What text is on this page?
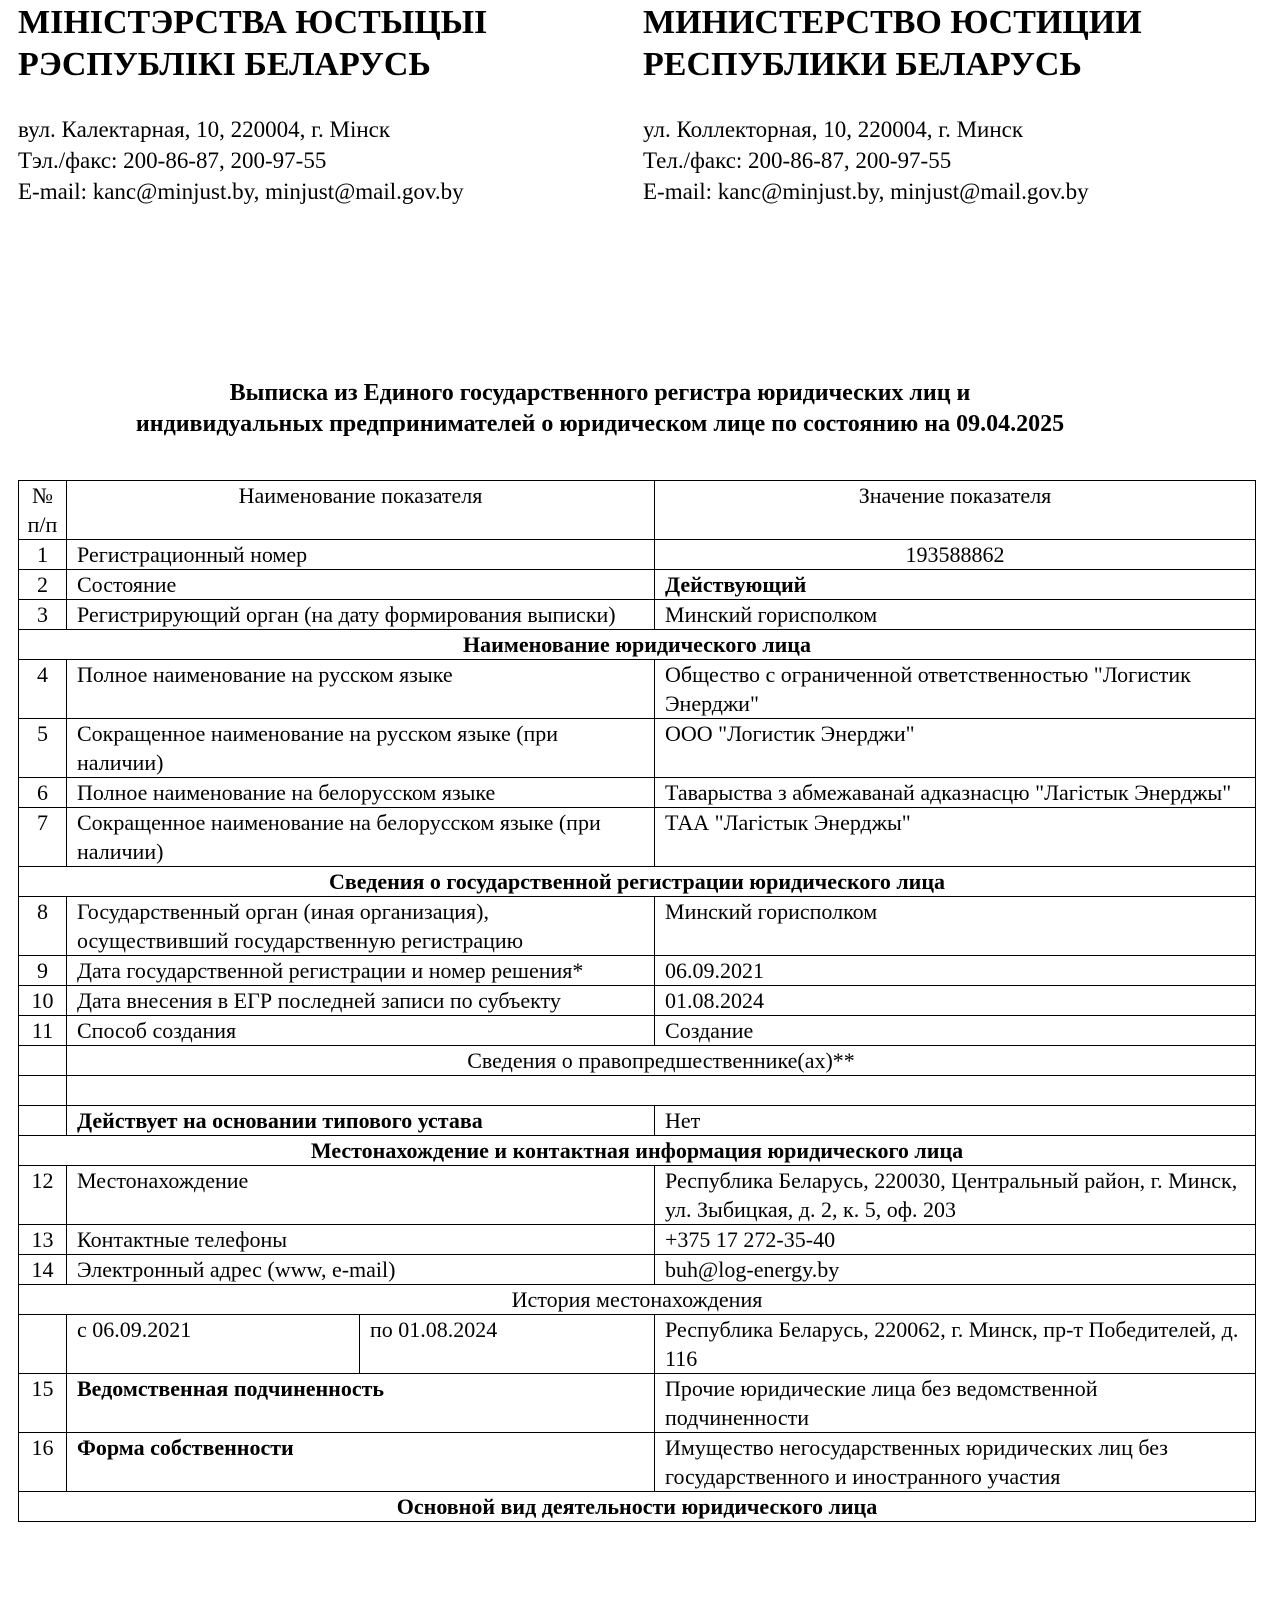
МІНІСТЭРСТВА ЮСТЫЦЫІ
РЭСПУБЛІКІ БЕЛАРУСЬ
вул. Калектарная, 10, 220004, г. Мінск
Тэл./факс: 200-86-87, 200-97-55
E-mail: kanc@minjust.by, minjust@mail.gov.by
МИНИСТЕРСТВО ЮСТИЦИИ
РЕСПУБЛИКИ БЕЛАРУСЬ
ул. Коллекторная, 10, 220004, г. Минск
Тел./факс: 200-86-87, 200-97-55
E-mail: kanc@minjust.by, minjust@mail.gov.by
Выписка из Единого государственного регистра юридических лиц и
индивидуальных предпринимателей о юридическом лице по состоянию на 09.04.2025
№ п/п	Наименование показателя		Значение показателя
1	Регистрационный номер		193588862
2	Состояние		Действующий
3	Регистрирующий орган (на дату формирования выписки)		Минский горисполком
Наименование юридического лица			
4	Полное наименование на русском языке		Общество с ограниченной ответственностью "Логистик Энерджи"
5	Сокращенное наименование на русском языке (при наличии)		ООО "Логистик Энерджи"
6	Полное наименование на белорусском языке		Таварыства з абмежаванай адказнасцю "Лагістык Энерджы"
7	Сокращенное наименование на белорусском языке (при наличии)		ТАА "Лагістык Энерджы"
Сведения о государственной регистрации юридического лица			
8	Государственный орган (иная организация), осуществивший государственную регистрацию		Минский горисполком
9	Дата государственной регистрации и номер решения*		06.09.2021
10	Дата внесения в ЕГР последней записи по субъекту		01.08.2024
11	Способ создания		Создание
	Сведения о правопредшественнике(ах)**		

	Действует на основании типового устава		Нет
Местонахождение и контактная информация юридического лица			
12	Местонахождение		Республика Беларусь, 220030, Центральный район, г. Минск, ул. Зыбицкая, д. 2, к. 5, оф. 203
13	Контактные телефоны		+375 17 272-35-40
14	Электронный адрес (www, e-mail)		buh@log-energy.by
История местонахождения			
	с 06.09.2021	по 01.08.2024	Республика Беларусь, 220062, г. Минск, пр-т Победителей, д. 116
15	Ведомственная подчиненность		Прочие юридические лица без ведомственной подчиненности
16	Форма собственности		Имущество негосударственных юридических лиц без государственного и иностранного участия
Основной вид деятельности юридического лица			
